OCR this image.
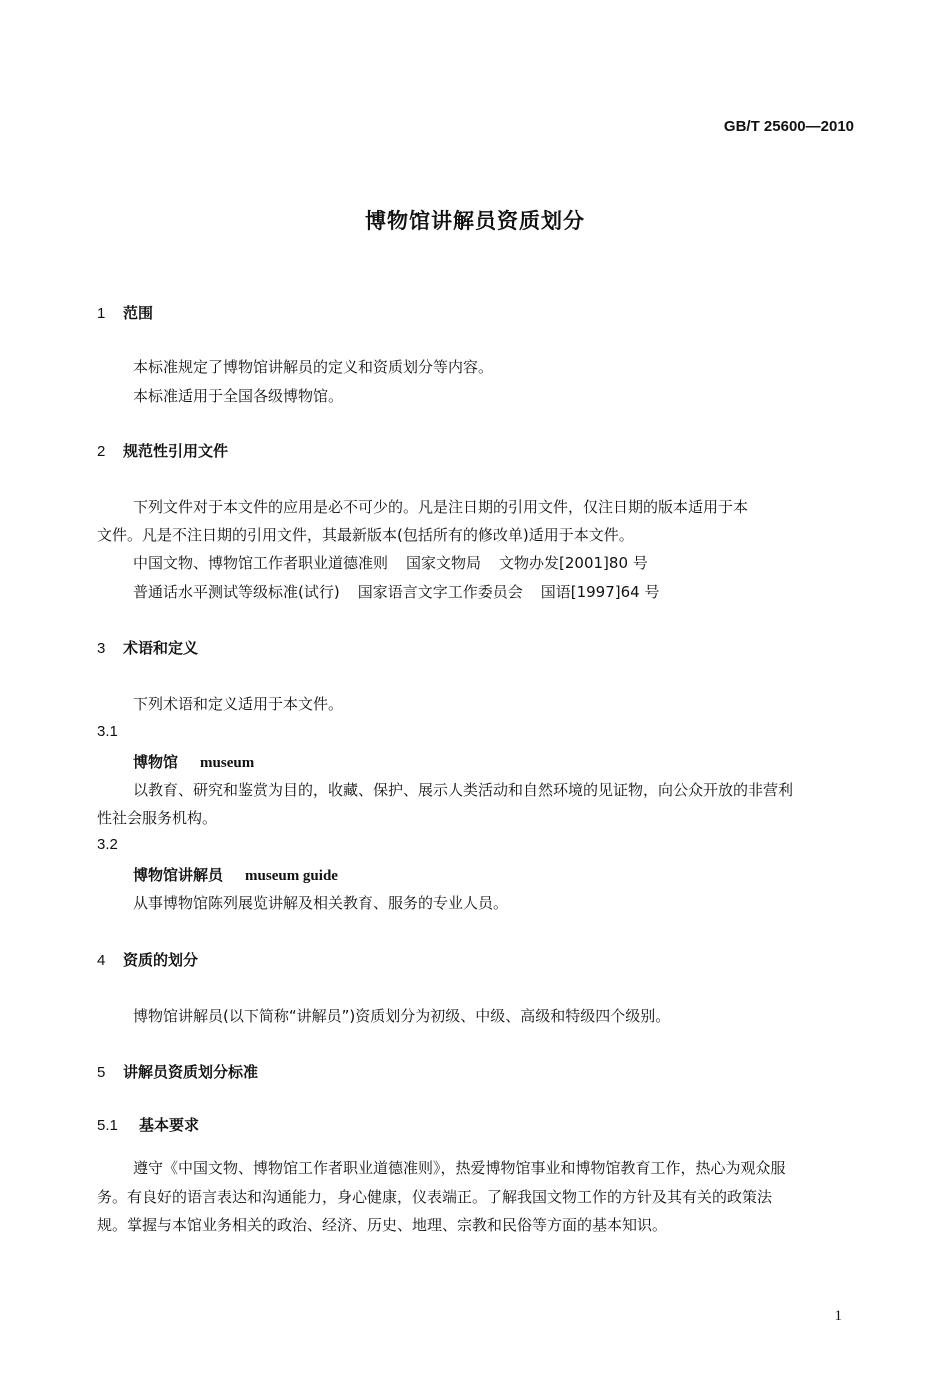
GB/T 25600—2010
博物馆讲解员资质划分
1 范围
本标准规定了博物馆讲解员的定义和资质划分等内容。
本标准适用于全国各级博物馆。
2 规范性引用文件
下列文件对于本文件的应用是必不可少的。凡是注日期的引用文件，仅注日期的版本适用于本
文件。凡是不注日期的引用文件，其最新版本(包括所有的修改单)适用于本文件。
中国文物、博物馆工作者职业道德准则 国家文物局 文物办发[2001]80 号
普通话水平测试等级标准(试行) 国家语言文字工作委员会 国语[1997]64 号
3 术语和定义
下列术语和定义适用于本文件。
3.1
博物馆 museum
以教育、研究和鉴赏为目的，收藏、保护、展示人类活动和自然环境的见证物，向公众开放的非营利
性社会服务机构。
3.2
博物馆讲解员 museum guide
从事博物馆陈列展览讲解及相关教育、服务的专业人员。
4 资质的划分
博物馆讲解员(以下简称“讲解员”)资质划分为初级、中级、高级和特级四个级别。
5 讲解员资质划分标准
5.1 基本要求
遵守《中国文物、博物馆工作者职业道德准则》，热爱博物馆事业和博物馆教育工作，热心为观众服
务。有良好的语言表达和沟通能力，身心健康，仪表端正。了解我国文物工作的方针及其有关的政策法
规。掌握与本馆业务相关的政治、经济、历史、地理、宗教和民俗等方面的基本知识。
1
